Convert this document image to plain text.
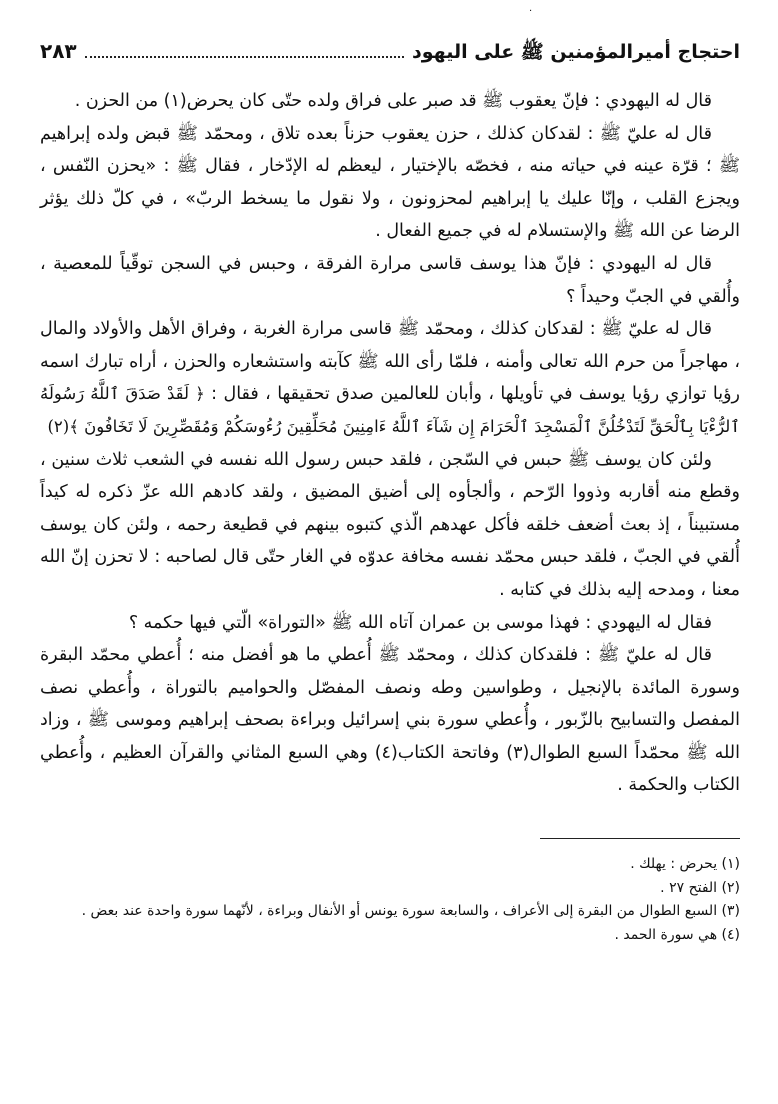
·
احتجاج أميرالمؤمنين ﷺ على اليهود
٢٨٣

قال له اليهودي : فإنّ يعقوب ﷺ قد صبر على فراق ولده حتّى كان يحرض(١) من الحزن .

قال له عليّ ﷺ : لقدكان كذلك ، حزن يعقوب حزناً بعده تلاق ، ومحمّد ﷺ قبض ولده إبراهيم ﷺ ؛ قرّة عينه في حياته منه ، فخصّه بالإختيار ، ليعظم له الإدّخار ، فقال ﷺ : «يحزن النّفس ، ويجزع القلب ، وإنّا عليك يا إبراهيم لمحزونون ، ولا نقول ما يسخط الربّ» ، في كلّ ذلك يؤثر الرضا عن الله ﷺ والإستسلام له في جميع الفعال .

قال له اليهودي : فإنّ هذا يوسف قاسى مرارة الفرقة ، وحبس في السجن توقّياً للمعصية ، وأُلقي في الجبّ وحيداً ؟

قال له عليّ ﷺ : لقدكان كذلك ، ومحمّد ﷺ قاسى مرارة الغربة ، وفراق الأهل والأولاد والمال ، مهاجراً من حرم الله تعالى وأمنه ، فلمّا رأى الله ﷺ كآبته واستشعاره والحزن ، أراه تبارك اسمه رؤيا توازي رؤيا يوسف في تأويلها ، وأبان للعالمين صدق تحقيقها ، فقال : ﴿ لَقَدْ صَدَقَ ٱللَّهُ رَسُولَهُ ٱلرُّءْيَا بِٱلْحَقِّ لَتَدْخُلُنَّ ٱلْمَسْجِدَ ٱلْحَرَامَ إِن شَآءَ ٱللَّهُ ءَامِنِينَ مُحَلِّقِينَ رُءُوسَكُمْ وَمُقَصِّرِينَ لَا تَخَافُونَ ﴾(٢)

ولئن كان يوسف ﷺ حبس في السّجن ، فلقد حبس رسول الله نفسه في الشعب ثلاث سنين ، وقطع منه أقاربه وذووا الرّحم ، وألجأوه إلى أضيق المضيق ، ولقد كادهم الله عزّ ذكره له كيداً مستبيناً ، إذ بعث أضعف خلقه فأكل عهدهم الّذي كتبوه بينهم في قطيعة رحمه ، ولئن كان يوسف أُلقي في الجبّ ، فلقد حبس محمّد نفسه مخافة عدوّه في الغار حتّى قال لصاحبه : لا تحزن إنّ الله معنا ، ومدحه إليه بذلك في كتابه .

فقال له اليهودي : فهذا موسى بن عمران آتاه الله ﷺ «التوراة» الّتي فيها حكمه ؟

قال له عليّ ﷺ : فلقدكان كذلك ، ومحمّد ﷺ أُعطي ما هو أفضل منه ؛ أُعطي محمّد البقرة وسورة المائدة بالإنجيل ، وطواسين وطه ونصف المفصّل والحواميم بالتوراة ، وأُعطي نصف المفصل والتسابيح بالزّبور ، وأُعطي سورة بني إسرائيل وبراءة بصحف إبراهيم وموسى ﷺ ، وزاد الله ﷺ محمّداً السبع الطوال(٣) وفاتحة الكتاب(٤) وهي السبع المثاني والقرآن العظيم ، وأُعطي الكتاب والحكمة .

(١) يحرض : يهلك .

(٢) الفتح ٢٧ .

(٣) السبع الطوال من البقرة إلى الأعراف ، والسابعة سورة يونس أو الأنفال وبراءة ، لأنّهما سورة واحدة عند بعض .

(٤) هي سورة الحمد .
